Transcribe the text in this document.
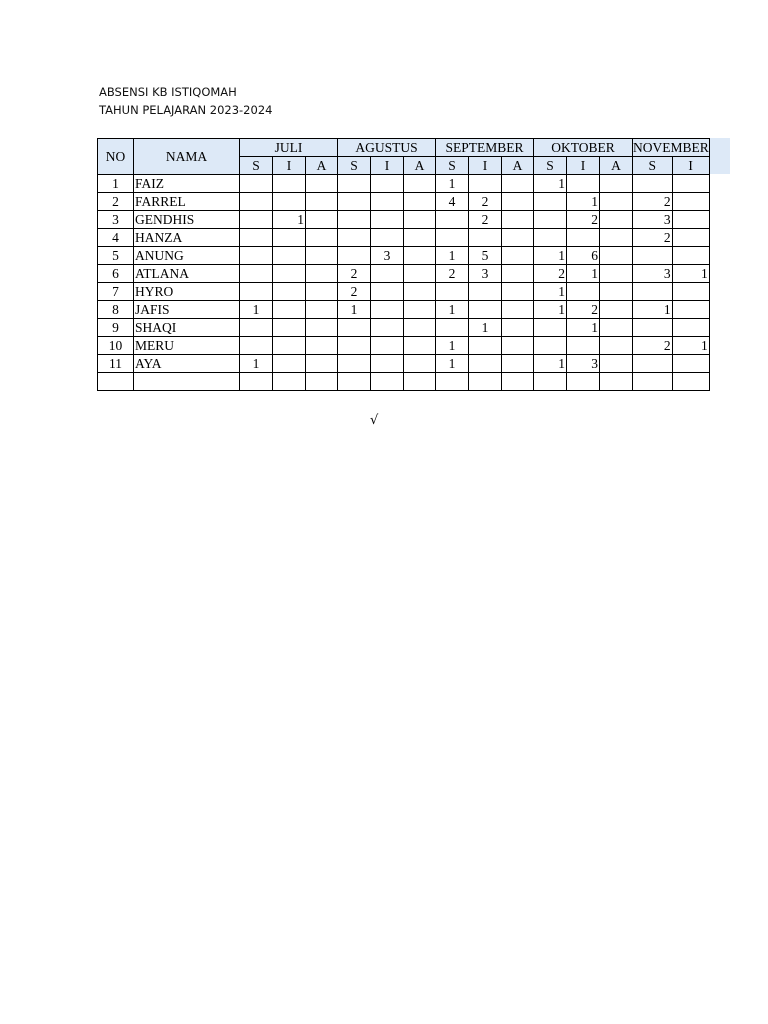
ABSENSI KB ISTIQOMAH
TAHUN PELAJARAN 2023-2024
NO	NAMA	JULI			AGUSTUS			SEPTEMBER			OKTOBER			NOVEMBER	

		S	I	A	S	I	A	S	I	A	S	I	A	S	I
1	FAIZ							1			1				
2	FARREL							4	2			1		2	
3	GENDHIS		1						2			2		3	
4	HANZA													2	
5	ANUNG					3		1	5		1	6			
6	ATLANA				2			2	3		2	1		3	1
7	HYRO				2						1				
8	JAFIS	1			1			1			1	2		1	
9	SHAQI								1			1			
10	MERU							1						2	1
11	AYA	1						1			1	3			

√
